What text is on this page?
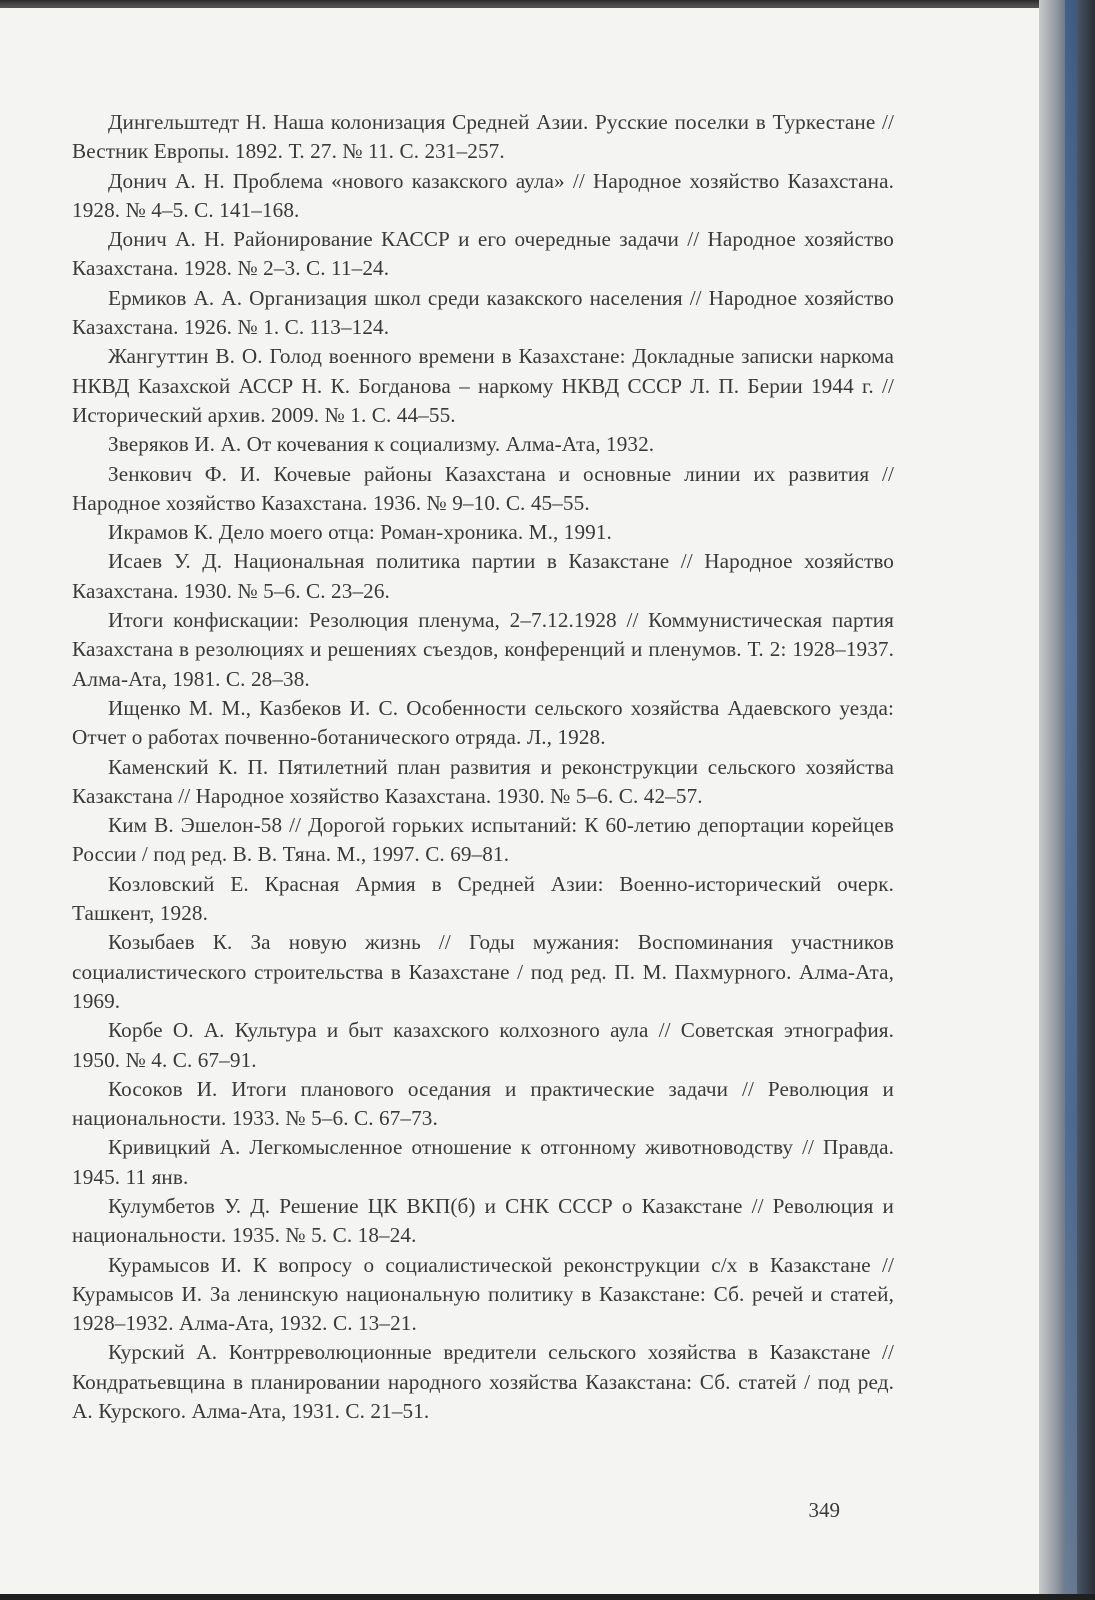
Дингельштедт Н. Наша колонизация Средней Азии. Русские поселки в Туркестане // Вестник Европы. 1892. Т. 27. № 11. С. 231–257.

Донич А. Н. Проблема «нового казакского аула» // Народное хозяйство Казахстана. 1928. № 4–5. С. 141–168.

Донич А. Н. Районирование КАССР и его очередные задачи // Народное хозяйство Казахстана. 1928. № 2–3. С. 11–24.

Ермиков А. А. Организация школ среди казакского населения // Народное хозяйство Казахстана. 1926. № 1. С. 113–124.

Жангуттин В. О. Голод военного времени в Казахстане: Докладные записки наркома НКВД Казахской АССР Н. К. Богданова – наркому НКВД СССР Л. П. Берии 1944 г. // Исторический архив. 2009. № 1. С. 44–55.

Зверяков И. А. От кочевания к социализму. Алма-Ата, 1932.

Зенкович Ф. И. Кочевые районы Казахстана и основные линии их развития // Народное хозяйство Казахстана. 1936. № 9–10. С. 45–55.

Икрамов К. Дело моего отца: Роман-хроника. М., 1991.

Исаев У. Д. Национальная политика партии в Казакстане // Народное хозяйство Казахстана. 1930. № 5–6. С. 23–26.

Итоги конфискации: Резолюция пленума, 2–7.12.1928 // Коммунистическая партия Казахстана в резолюциях и решениях съездов, конференций и пленумов. Т. 2: 1928–1937. Алма-Ата, 1981. С. 28–38.

Ищенко М. М., Казбеков И. С. Особенности сельского хозяйства Адаевского уезда: Отчет о работах почвенно-ботанического отряда. Л., 1928.

Каменский К. П. Пятилетний план развития и реконструкции сельского хозяйства Казакстана // Народное хозяйство Казахстана. 1930. № 5–6. С. 42–57.

Ким В. Эшелон-58 // Дорогой горьких испытаний: К 60-летию депортации корейцев России / под ред. В. В. Тяна. М., 1997. С. 69–81.

Козловский Е. Красная Армия в Средней Азии: Военно-исторический очерк. Ташкент, 1928.

Козыбаев К. За новую жизнь // Годы мужания: Воспоминания участников социалистического строительства в Казахстане / под ред. П. М. Пахмурного. Алма-Ата, 1969.

Корбе О. А. Культура и быт казахского колхозного аула // Советская этнография. 1950. № 4. С. 67–91.

Косоков И. Итоги планового оседания и практические задачи // Революция и национальности. 1933. № 5–6. С. 67–73.

Кривицкий А. Легкомысленное отношение к отгонному животноводству // Правда. 1945. 11 янв.

Кулумбетов У. Д. Решение ЦК ВКП(б) и СНК СССР о Казакстане // Революция и национальности. 1935. № 5. С. 18–24.

Курамысов И. К вопросу о социалистической реконструкции с/х в Казакстане // Курамысов И. За ленинскую национальную политику в Казакстане: Сб. речей и статей, 1928–1932. Алма-Ата, 1932. С. 13–21.

Курский А. Контрреволюционные вредители сельского хозяйства в Казакстане // Кондратьевщина в планировании народного хозяйства Казакстана: Сб. статей / под ред. А. Курского. Алма-Ата, 1931. С. 21–51.

349
